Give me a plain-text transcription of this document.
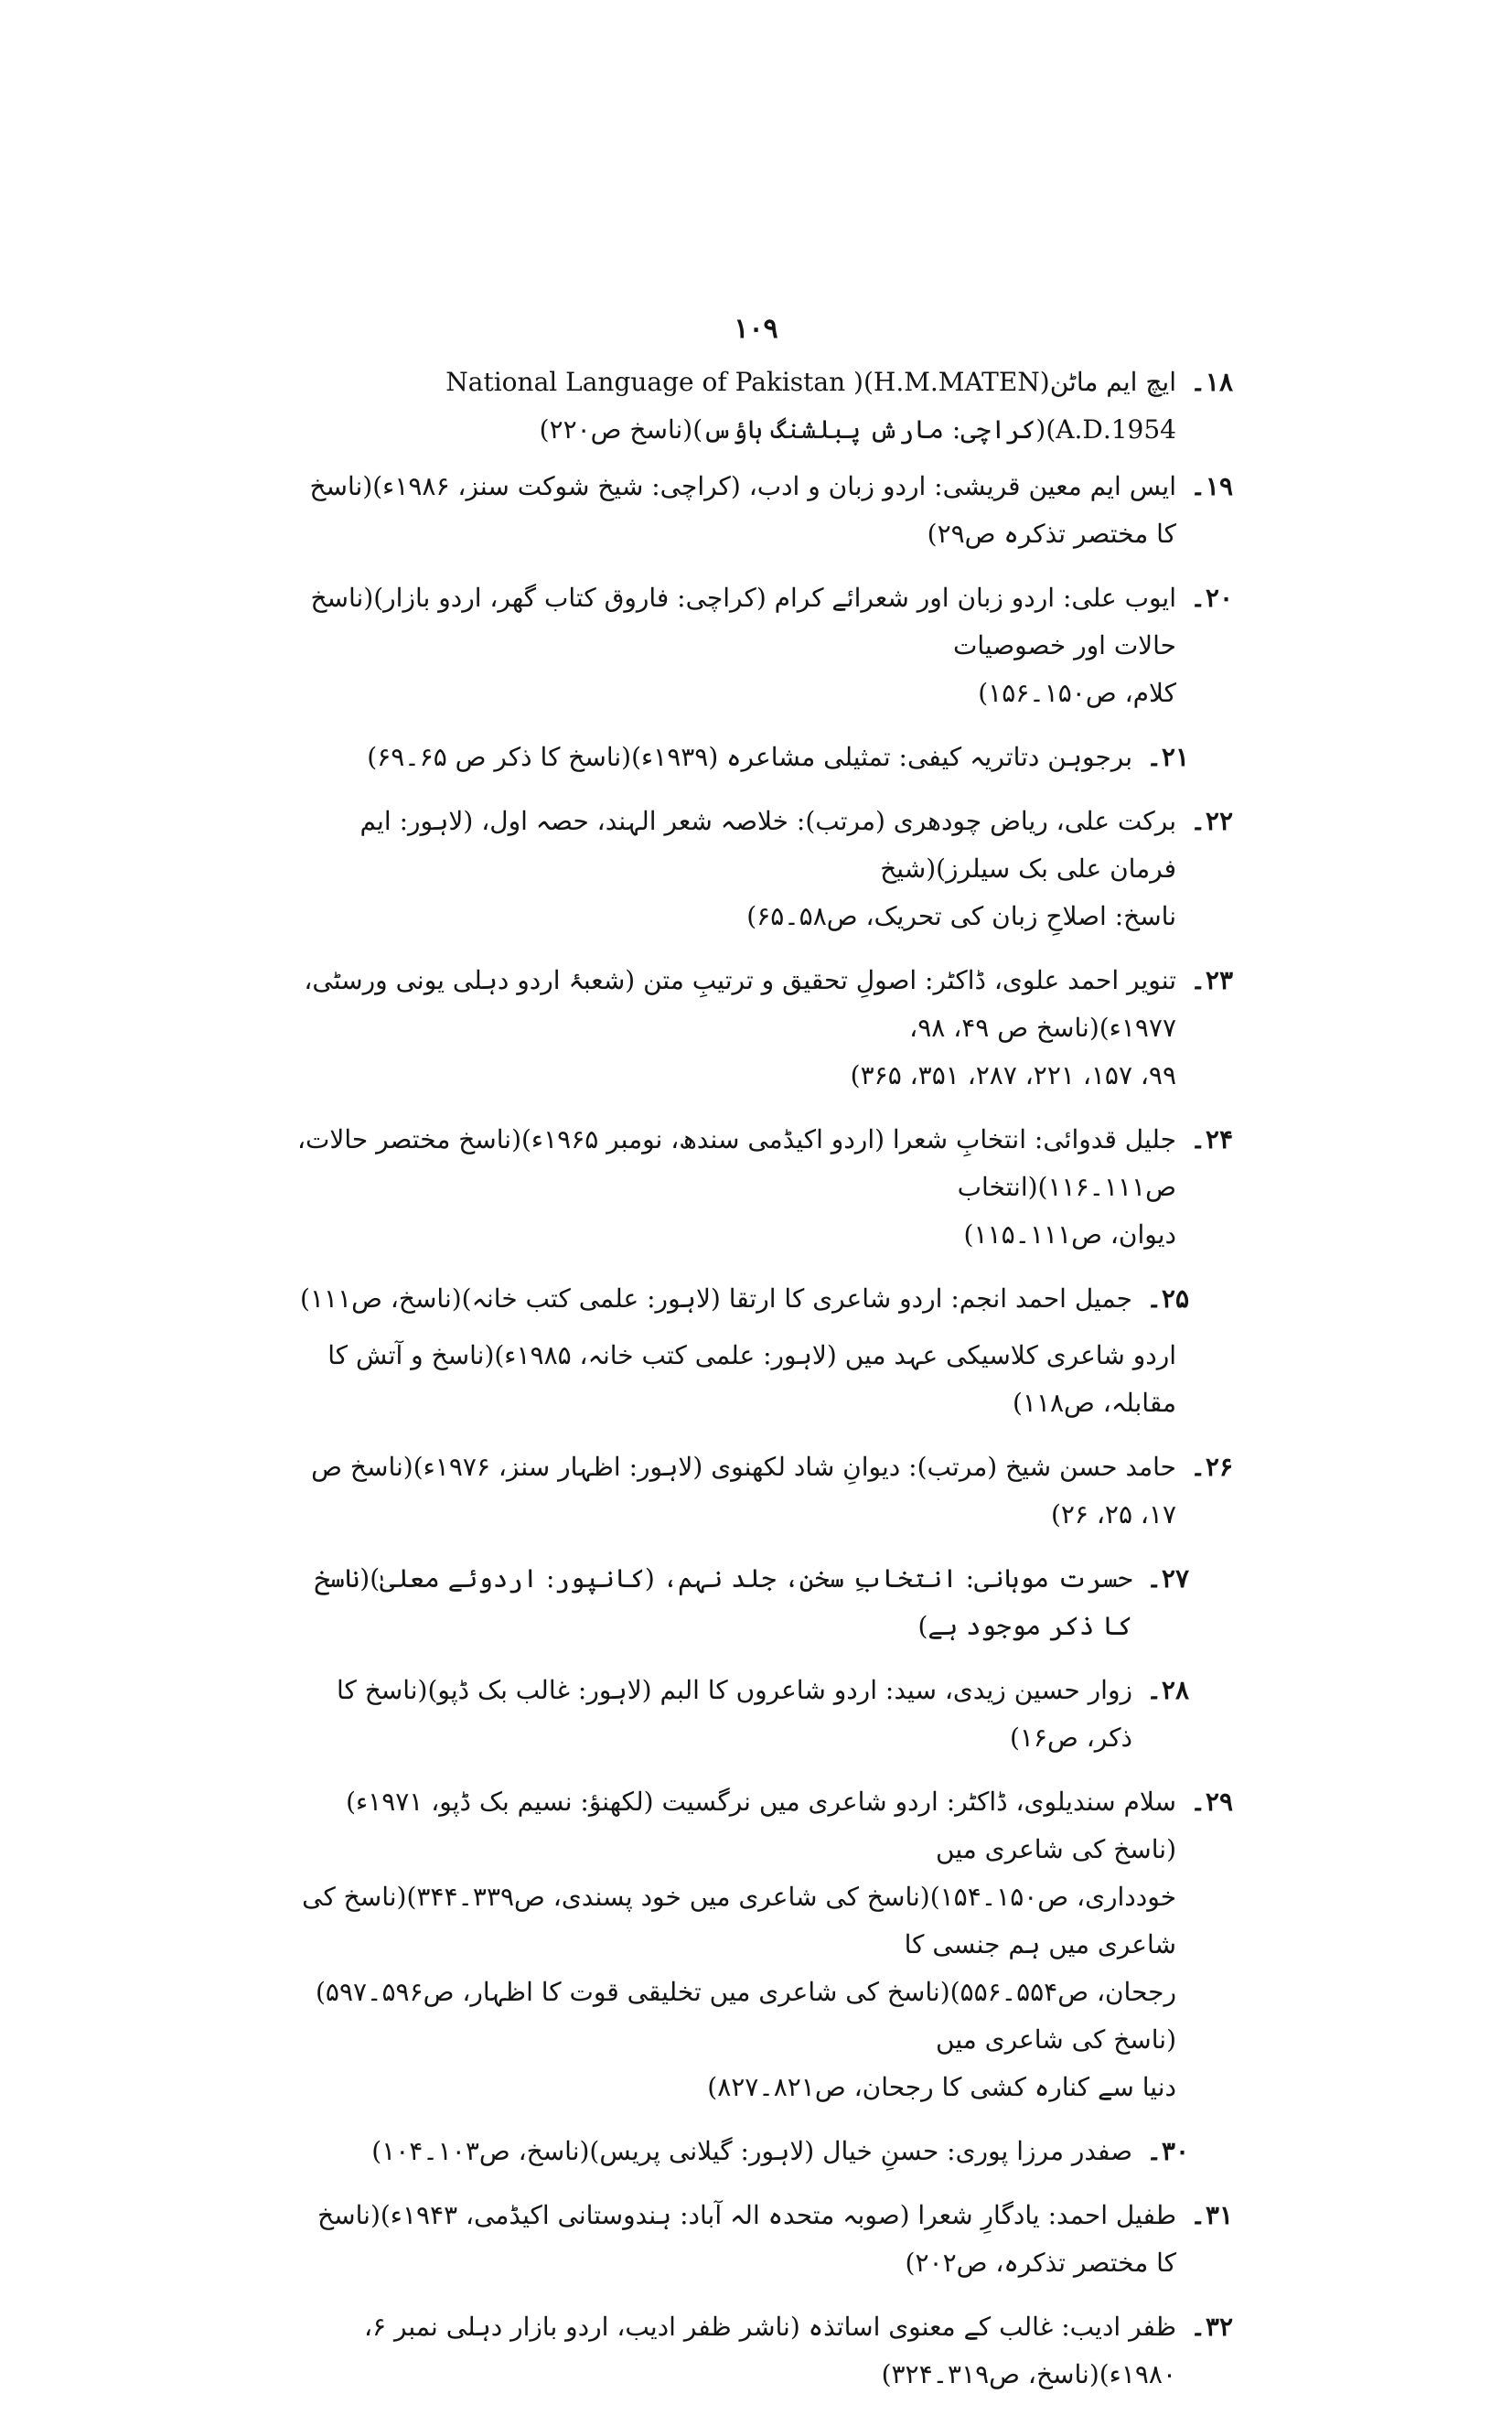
۱۰۹
۱۸۔
ایچ ایم ماٹن(H.M.MATEN)( National Language of Pakistan
1954.A.D)(کراچی: مارش پبلشنگ ہاؤس)(ناسخ ص۲۲۰)
۱۹۔
ایس ایم معین قریشی: اردو زبان و ادب، (کراچی: شیخ شوکت سنز، ۱۹۸۶ء)(ناسخ کا مختصر تذکرہ ص۲۹)
۲۰۔
ایوب علی: اردو زبان اور شعرائے کرام (کراچی: فاروق کتاب گھر، اردو بازار)(ناسخ حالات اور خصوصیات
کلام، ص۱۵۰۔۱۵۶)
۲۱۔
برجوہن دتاتریہ کیفی: تمثیلی مشاعرہ (۱۹۳۹ء)(ناسخ کا ذکر ص ۶۵۔۶۹)
۲۲۔
برکت علی، ریاض چودھری (مرتب): خلاصہ شعر الہند، حصہ اول، (لاہور: ایم فرمان علی بک سیلرز)(شیخ
ناسخ: اصلاحِ زبان کی تحریک، ص۵۸۔۶۵)
۲۳۔
تنویر احمد علوی، ڈاکٹر: اصولِ تحقیق و ترتیبِ متن (شعبۂ اردو دہلی یونی ورسٹی، ۱۹۷۷ء)(ناسخ ص ۴۹، ۹۸،
۹۹، ۱۵۷، ۲۲۱، ۲۸۷، ۳۵۱، ۳۶۵)
۲۴۔
جلیل قدوائی: انتخابِ شعرا (اردو اکیڈمی سندھ، نومبر ۱۹۶۵ء)(ناسخ مختصر حالات، ص۱۱۱۔۱۱۶)(انتخاب
دیوان، ص۱۱۱۔۱۱۵)
۲۵۔
جمیل احمد انجم: اردو شاعری کا ارتقا (لاہور: علمی کتب خانہ)(ناسخ، ص۱۱۱)
اردو شاعری کلاسیکی عہد میں (لاہور: علمی کتب خانہ، ۱۹۸۵ء)(ناسخ و آتش کا مقابلہ، ص۱۱۸)
۲۶۔
حامد حسن شیخ (مرتب): دیوانِ شاد لکھنوی (لاہور: اظہار سنز، ۱۹۷۶ء)(ناسخ ص ۱۷، ۲۵، ۲۶)
۲۷۔
حسرت موہانی: انتخابِ سخن، جلد نہم، (کانپور: اردوئے معلیٰ)(ناسخ کا ذکر موجود ہے)
۲۸۔
زوار حسین زیدی، سید: اردو شاعروں کا البم (لاہور: غالب بک ڈپو)(ناسخ کا ذکر، ص۱۶)
۲۹۔
سلام سندیلوی، ڈاکٹر: اردو شاعری میں نرگسیت (لکھنؤ: نسیم بک ڈپو، ۱۹۷۱ء)(ناسخ کی شاعری میں
خودداری، ص۱۵۰۔۱۵۴)(ناسخ کی شاعری میں خود پسندی، ص۳۳۹۔۳۴۴)(ناسخ کی شاعری میں ہم جنسی کا
رجحان، ص۵۵۴۔۵۵۶)(ناسخ کی شاعری میں تخلیقی قوت کا اظہار، ص۵۹۶۔۵۹۷)(ناسخ کی شاعری میں
دنیا سے کنارہ کشی کا رجحان، ص۸۲۱۔۸۲۷)
۳۰۔
صفدر مرزا پوری: حسنِ خیال (لاہور: گیلانی پریس)(ناسخ، ص۱۰۳۔۱۰۴)
۳۱۔
طفیل احمد: یادگارِ شعرا (صوبہ متحدہ الہ آباد: ہندوستانی اکیڈمی، ۱۹۴۳ء)(ناسخ کا مختصر تذکرہ، ص۲۰۲)
۳۲۔
ظفر ادیب: غالب کے معنوی اساتذہ (ناشر ظفر ادیب، اردو بازار دہلی نمبر ۶، ۱۹۸۰ء)(ناسخ، ص۳۱۹۔۳۲۴)
